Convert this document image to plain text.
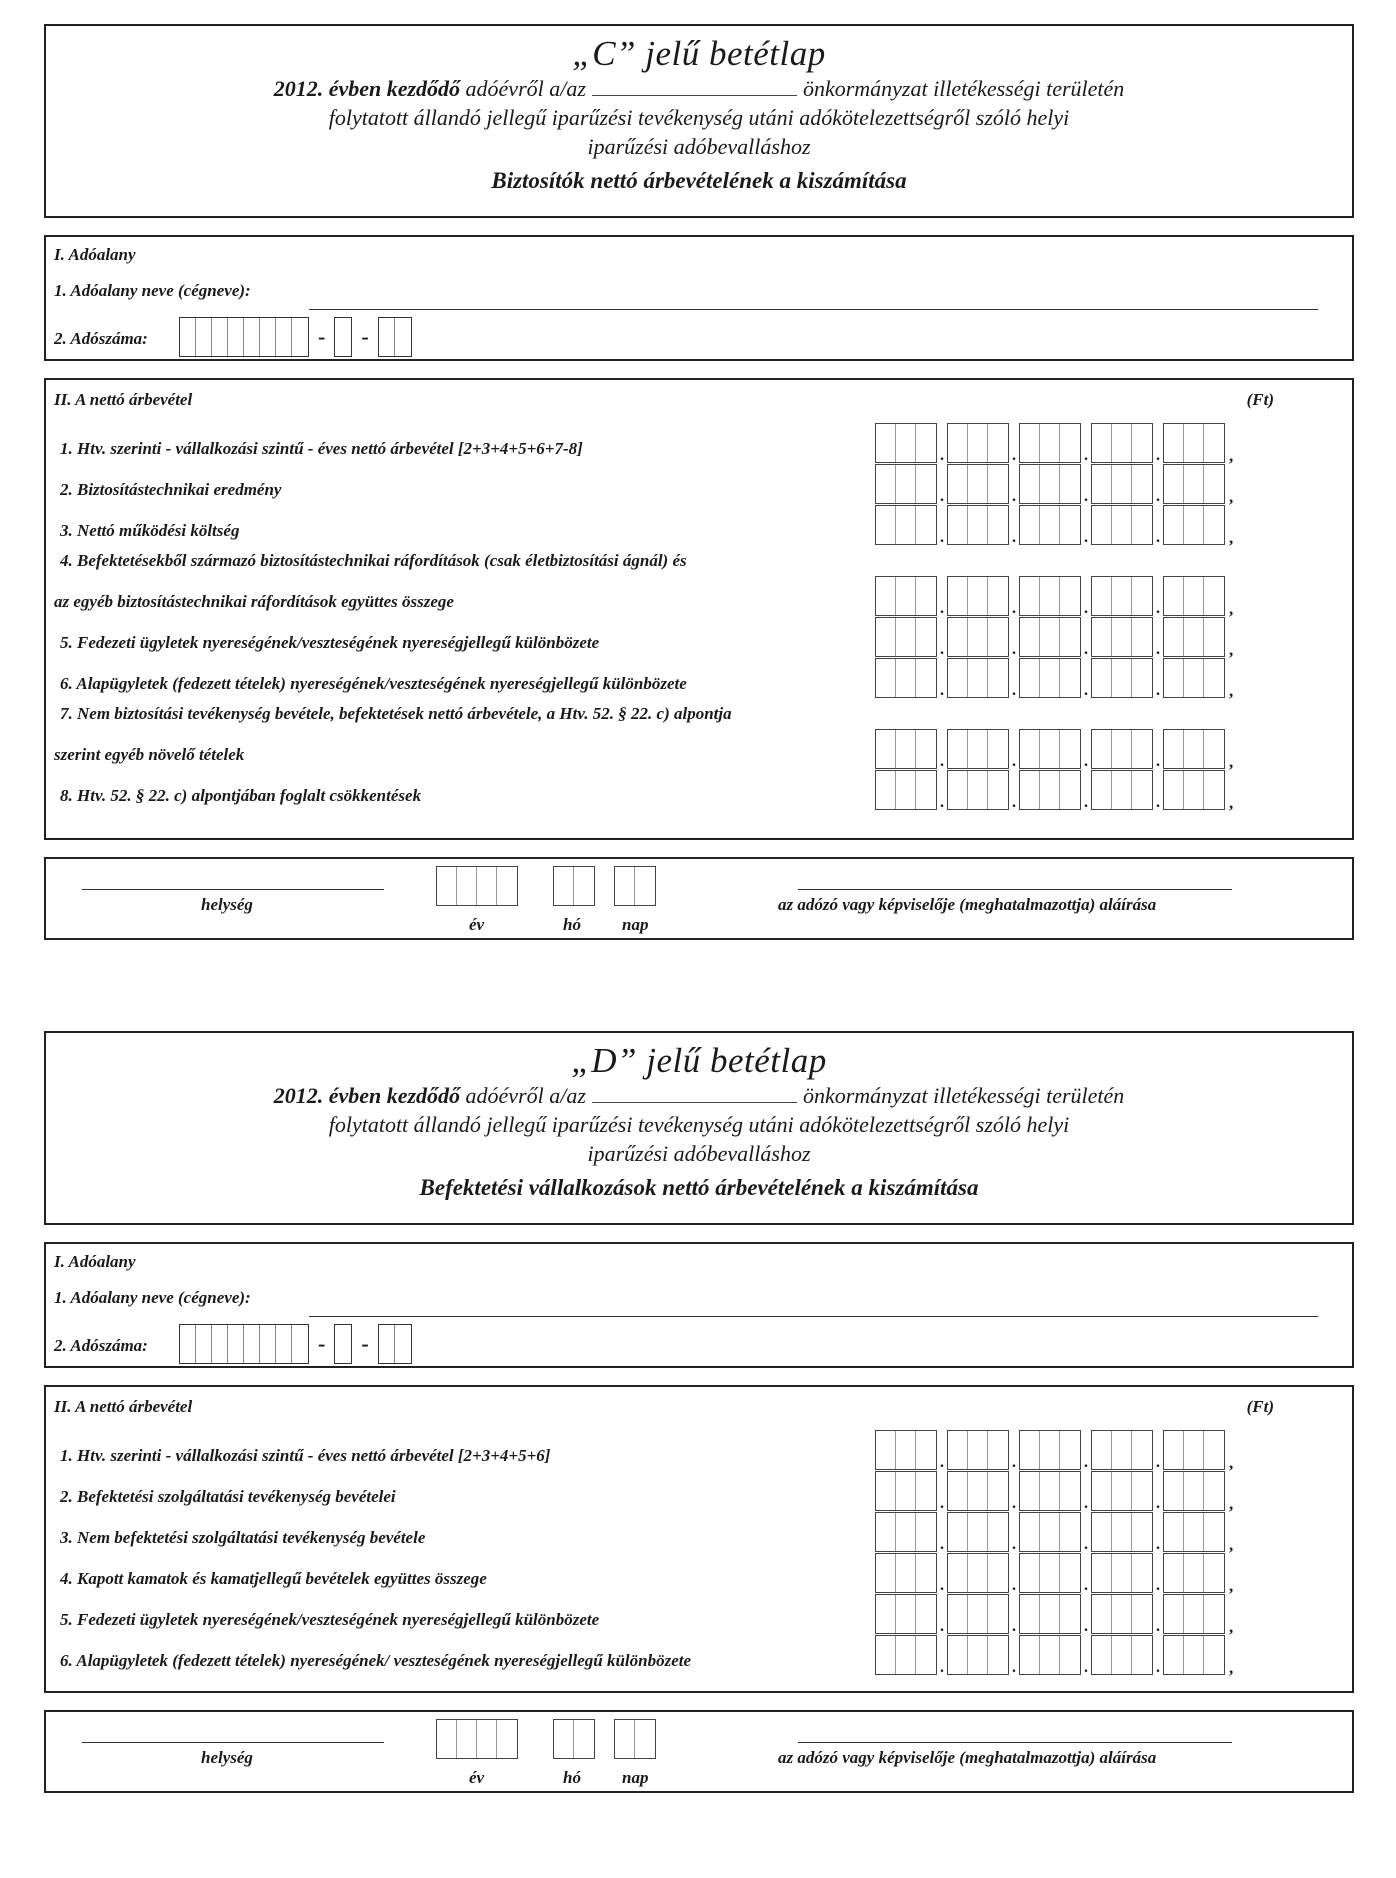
„C” jelű betétlap
2012. évben kezdődő adóévről a/az	önkormányzat illetékességi területén
folytatott állandó jellegű iparűzési tevékenység utáni adókötelezettségről szóló helyi
iparűzési adóbevalláshoz
Biztosítók nettó árbevételének a kiszámítása
I. Adóalany
1. Adóalany neve (cégneve):
2. Adószáma:	- -
II. A nettó árbevétel	(Ft)
1. Htv. szerinti - vállalkozási szintű - éves nettó árbevétel [2+3+4+5+6+7-8]	.	.	.	.	,
2. Biztosítástechnikai eredmény	.	.	.	.	,
3. Nettó működési költség	.	.	.	.	,
4. Befektetésekből származó biztosítástechnikai ráfordítások (csak életbiztosítási ágnál) és
az egyéb biztosítástechnikai ráfordítások együttes összege	.	.	.	.	,
5. Fedezeti ügyletek nyereségének/veszteségének nyereségjellegű különbözete	.	.	.	.	,
6. Alapügyletek (fedezett tételek) nyereségének/veszteségének nyereségjellegű különbözete	.	.	.	.	,
7. Nem biztosítási tevékenység bevétele, befektetések nettó árbevétele, a Htv. 52. § 22. c) alpontja
szerint egyéb növelő tételek	.	.	.	.	,
8. Htv. 52. § 22. c) alpontjában foglalt csökkentések	.	.	.	.	,
helység
év	hó nap
az adózó vagy képviselője (meghatalmazottja) aláírása
„D” jelű betétlap
2012. évben kezdődő adóévről a/az	önkormányzat illetékességi területén
folytatott állandó jellegű iparűzési tevékenység utáni adókötelezettségről szóló helyi
iparűzési adóbevalláshoz
Befektetési vállalkozások nettó árbevételének a kiszámítása
I. Adóalany
1. Adóalany neve (cégneve):
2. Adószáma:	- -
II. A nettó árbevétel	(Ft)
1. Htv. szerinti - vállalkozási szintű - éves nettó árbevétel [2+3+4+5+6]	.	.	.	.	,
2. Befektetési szolgáltatási tevékenység bevételei	.	.	.	.	,
3. Nem befektetési szolgáltatási tevékenység bevétele	.	.	.	.	,
4. Kapott kamatok és kamatjellegű bevételek együttes összege	.	.	.	.	,
5. Fedezeti ügyletek nyereségének/veszteségének nyereségjellegű különbözete	.	.	.	.	,
6. Alapügyletek (fedezett tételek) nyereségének/ veszteségének nyereségjellegű különbözete	.	.	.	.	,
helység
év	hó nap
az adózó vagy képviselője (meghatalmazottja) aláírása
